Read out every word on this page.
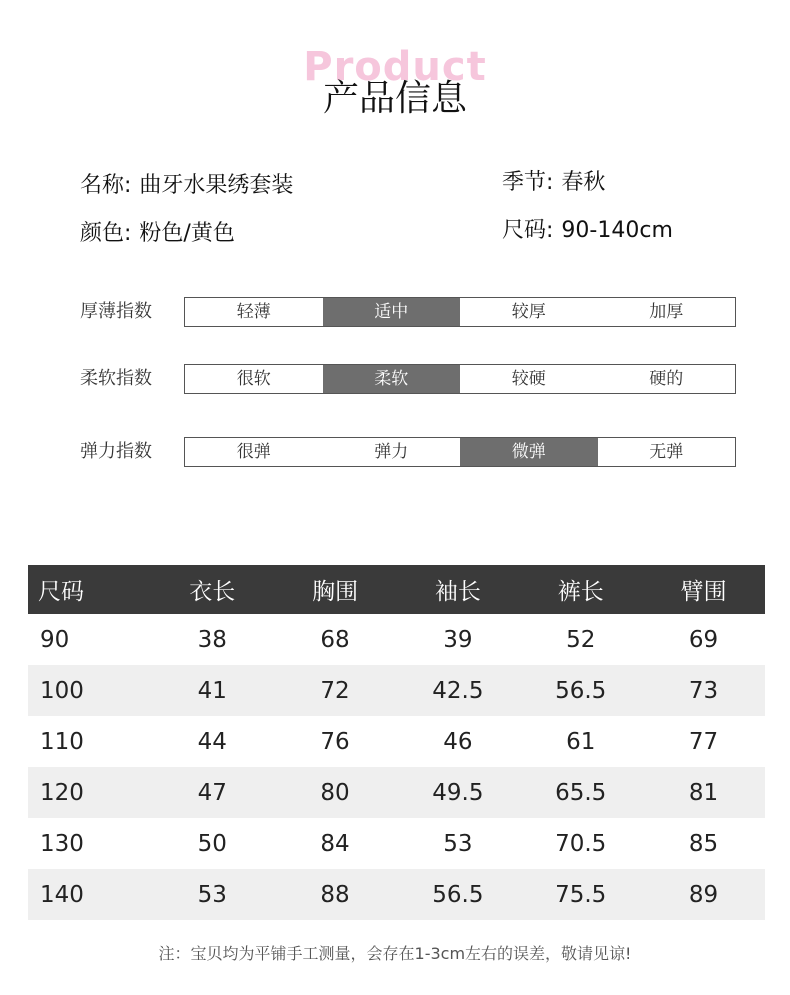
Product
产品信息
名称: 曲牙水果绣套装	季节: 春秋
颜色: 粉色/黄色	尺码: 90-140cm
厚薄指数	轻薄	适中	较厚	加厚
柔软指数	很软	柔软	较硬	硬的
弹力指数	很弹	弹力	微弹	无弹
尺码	衣长	胸围	袖长	裤长	臂围
90	38	68	39	52	69
100	41	72	42.5	56.5	73
110	44	76	46	61	77
120	47	80	49.5	65.5	81
130	50	84	53	70.5	85
140	53	88	56.5	75.5	89
注：宝贝均为平铺手工测量，会存在1-3cm左右的误差，敬请见谅!
